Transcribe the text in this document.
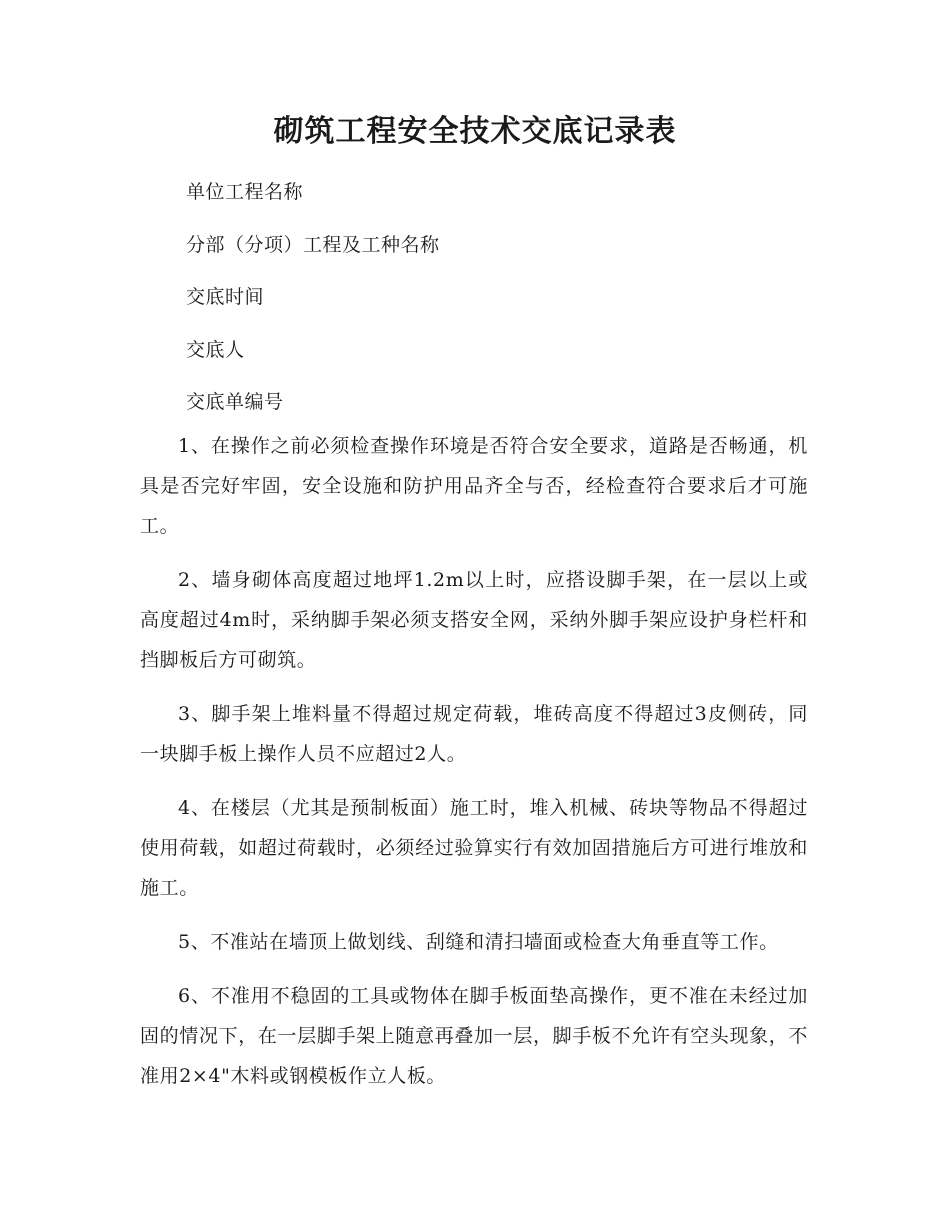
砌筑工程安全技术交底记录表
单位工程名称
分部（分项）工程及工种名称
交底时间
交底人
交底单编号

1、在操作之前必须检查操作环境是否符合安全要求，道路是否畅通，机具是否完好牢固，安全设施和防护用品齐全与否，经检查符合要求后才可施工。

2、墙身砌体高度超过地坪1.2m以上时，应搭设脚手架，在一层以上或高度超过4m时，采纳脚手架必须支搭安全网，采纳外脚手架应设护身栏杆和挡脚板后方可砌筑。

3、脚手架上堆料量不得超过规定荷载，堆砖高度不得超过3皮侧砖，同一块脚手板上操作人员不应超过2人。

4、在楼层（尤其是预制板面）施工时，堆入机械、砖块等物品不得超过使用荷载，如超过荷载时，必须经过验算实行有效加固措施后方可进行堆放和施工。

5、不准站在墙顶上做划线、刮缝和清扫墙面或检查大角垂直等工作。

6、不准用不稳固的工具或物体在脚手板面垫高操作，更不准在未经过加固的情况下，在一层脚手架上随意再叠加一层，脚手板不允许有空头现象，不准用2×4"木料或钢模板作立人板。
